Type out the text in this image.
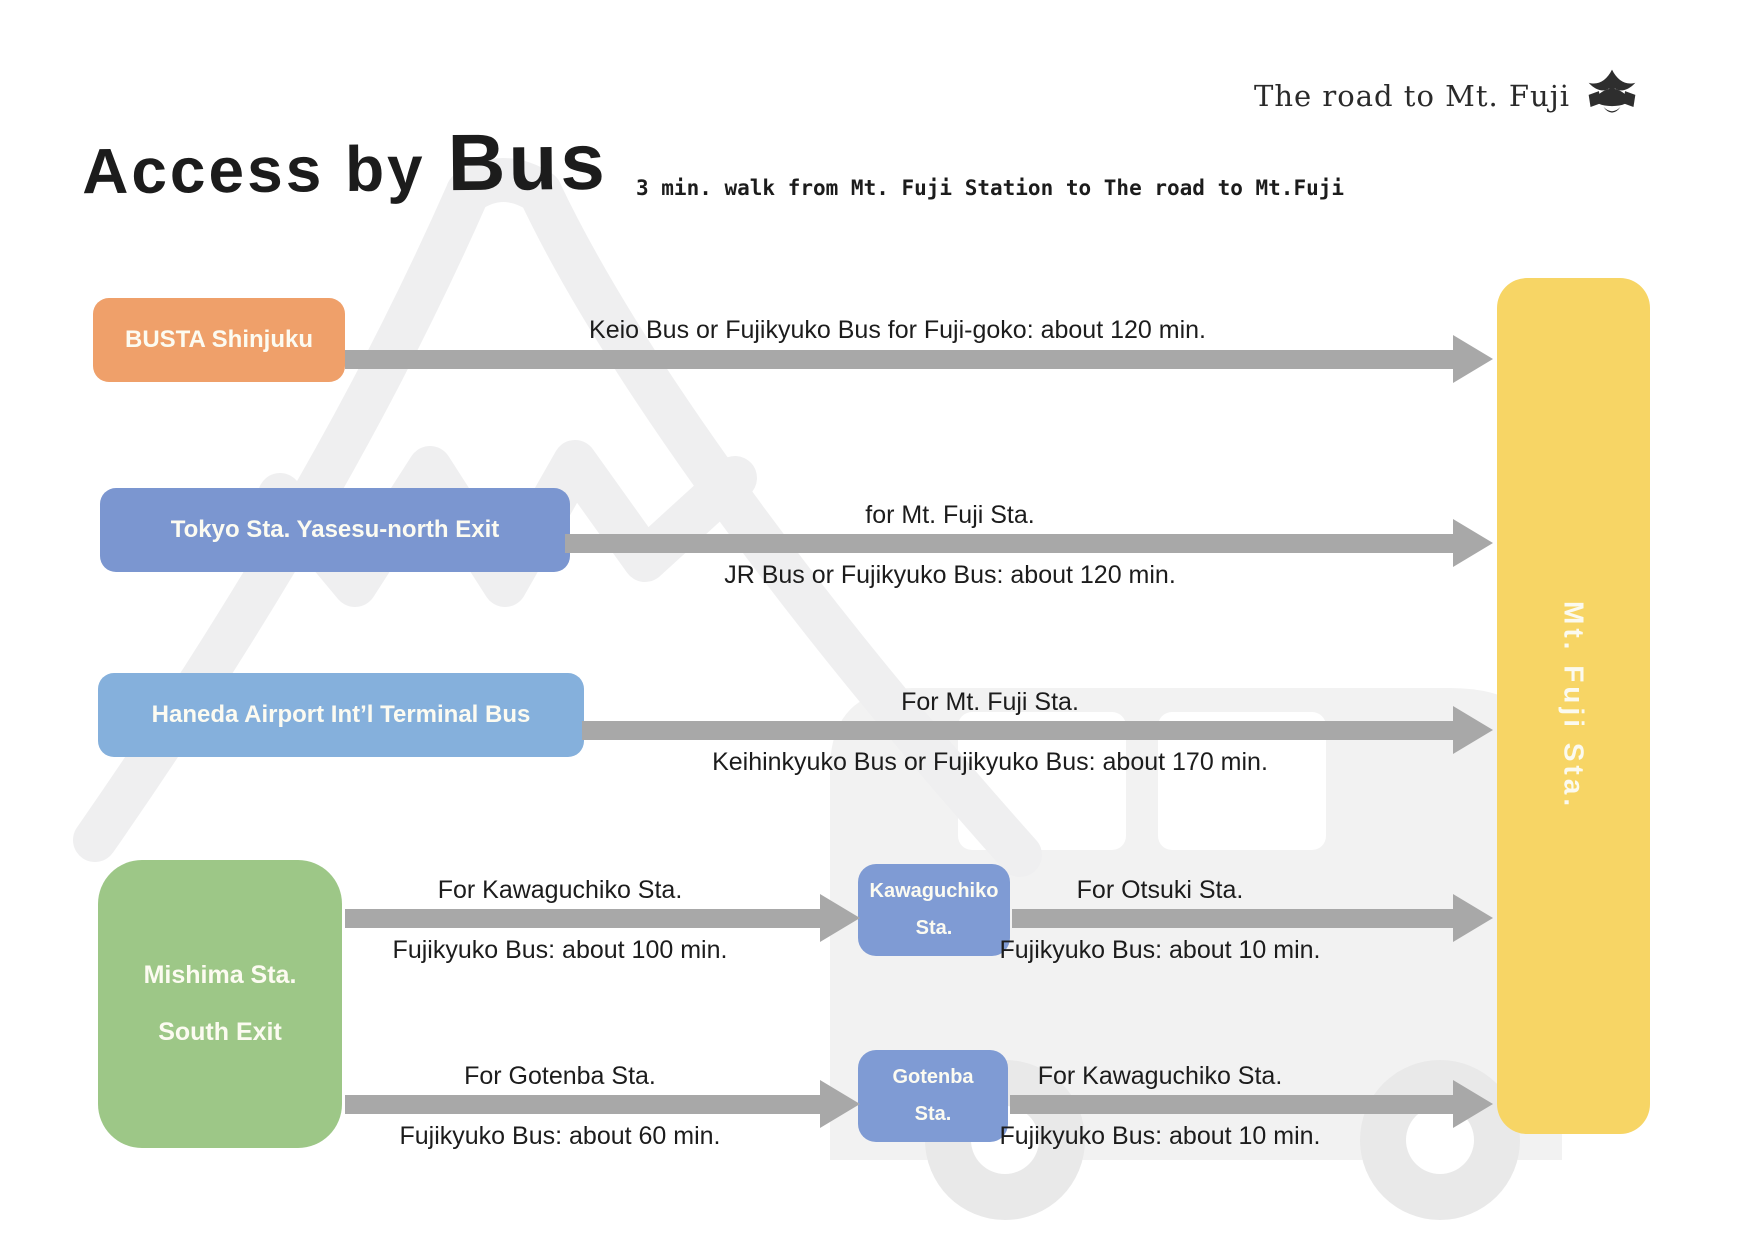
The road to Mt. Fuji
Access by Bus 3 min. walk from Mt. Fuji Station to The road to Mt.Fuji
BUSTA Shinjuku
Tokyo Sta. Yasesu-north Exit
Haneda Airport Int’l Terminal Bus
Mishima Sta.
South Exit
Kawaguchiko
Sta.
Gotenba
Sta.
Mt. Fuji Sta.
Keio Bus or Fujikyuko Bus for Fuji-goko: about 120 min.
for Mt. Fuji Sta.
JR Bus or Fujikyuko Bus: about 120 min.
For Mt. Fuji Sta.
Keihinkyuko Bus or Fujikyuko Bus: about 170 min.
For Kawaguchiko Sta.
Fujikyuko Bus: about 100 min.
For Otsuki Sta.
Fujikyuko Bus: about 10 min.
For Gotenba Sta.
Fujikyuko Bus: about 60 min.
For Kawaguchiko Sta.
Fujikyuko Bus: about 10 min.
